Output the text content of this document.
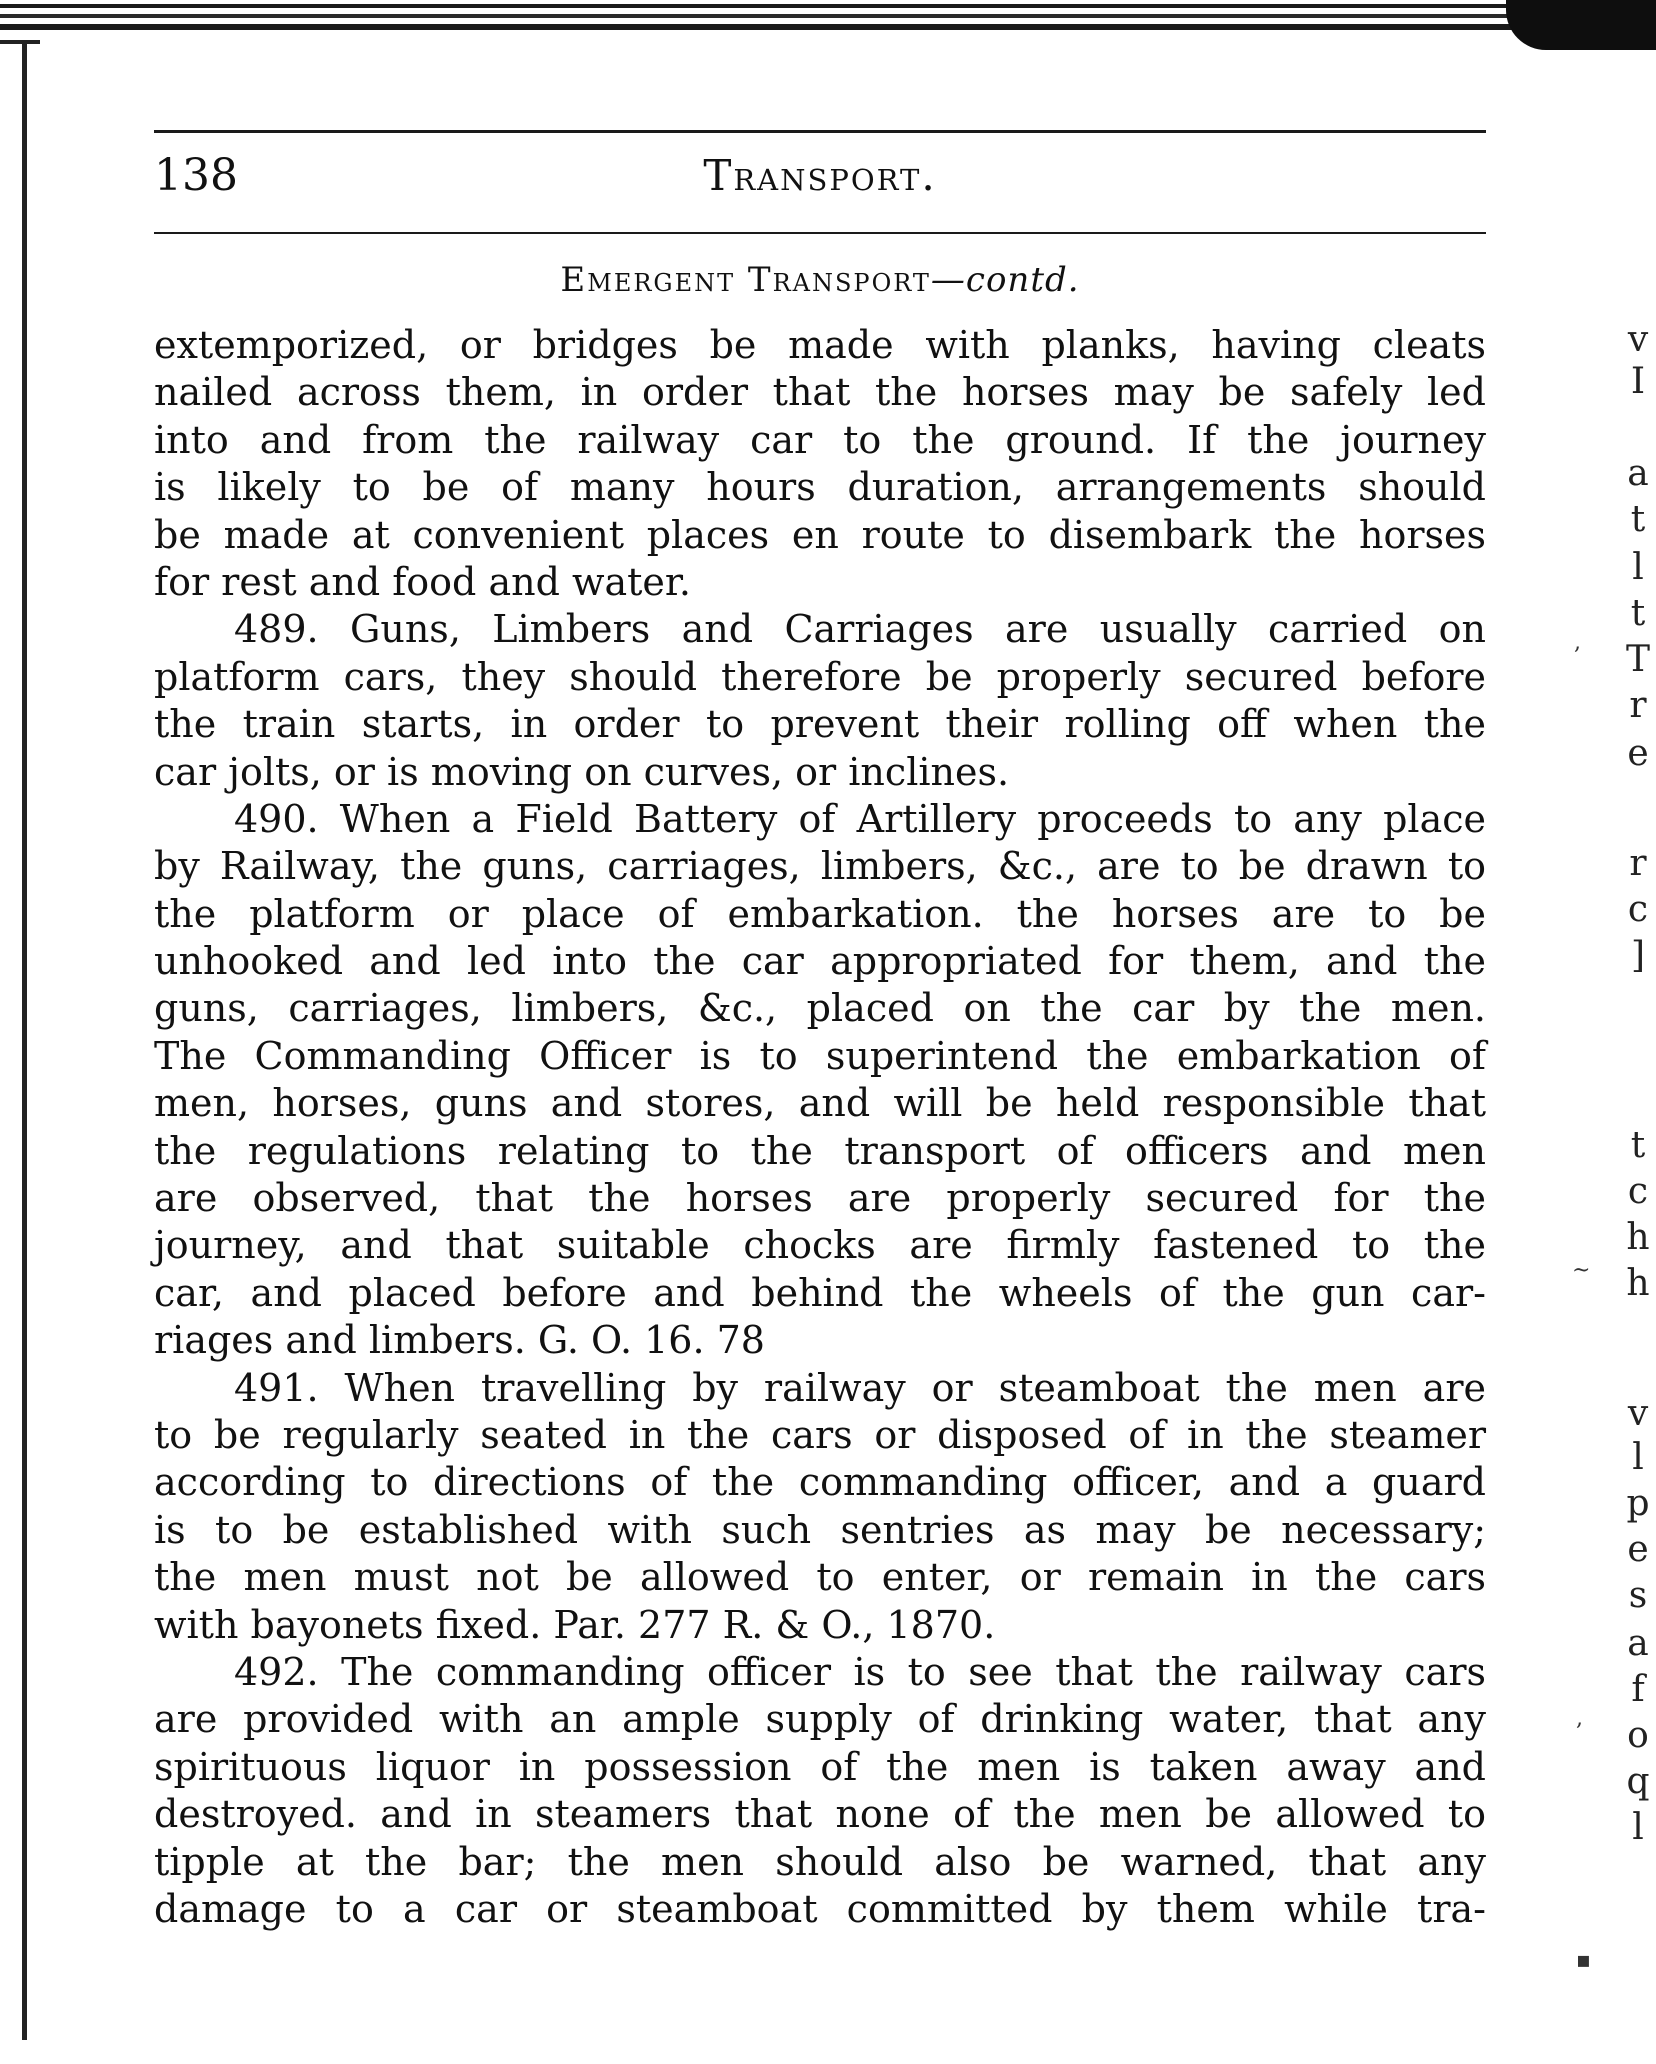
138	Transport.
Emergent Transport—contd.
extemporized, or bridges be made with planks, having cleats
nailed across them, in order that the horses may be safely led
into and from the railway car to the ground. If the journey
is likely to be of many hours duration, arrangements should
be made at convenient places en route to disembark the horses
for rest and food and water.
489. Guns, Limbers and Carriages are usually carried on
platform cars, they should therefore be properly secured before
the train starts, in order to prevent their rolling off when the
car jolts, or is moving on curves, or inclines.
490. When a Field Battery of Artillery proceeds to any place
by Railway, the guns, carriages, limbers, &c., are to be drawn to
the platform or place of embarkation. the horses are to be
unhooked and led into the car appropriated for them, and the
guns, carriages, limbers, &c., placed on the car by the men.
The Commanding Officer is to superintend the embarkation of
men, horses, guns and stores, and will be held responsible that
the regulations relating to the transport of officers and men
are observed, that the horses are properly secured for the
journey, and that suitable chocks are firmly fastened to the
car, and placed before and behind the wheels of the gun car-
riages and limbers. G. O. 16. 78
491. When travelling by railway or steamboat the men are
to be regularly seated in the cars or disposed of in the steamer
according to directions of the commanding officer, and a guard
is to be established with such sentries as may be necessary;
the men must not be allowed to enter, or remain in the cars
with bayonets fixed. Par. 277 R. & O., 1870.
492. The commanding officer is to see that the railway cars
are provided with an ample supply of drinking water, that any
spirituous liquor in possession of the men is taken away and
destroyed. and in steamers that none of the men be allowed to
tipple at the bar; the men should also be warned, that any
damage to a car or steamboat committed by them while tra-
v
I
a
t
l
t
T
r
e
r
c
]
t
c
h
h
v
l
p
e
s
a
f
o
q
l
,
~
,
▪
